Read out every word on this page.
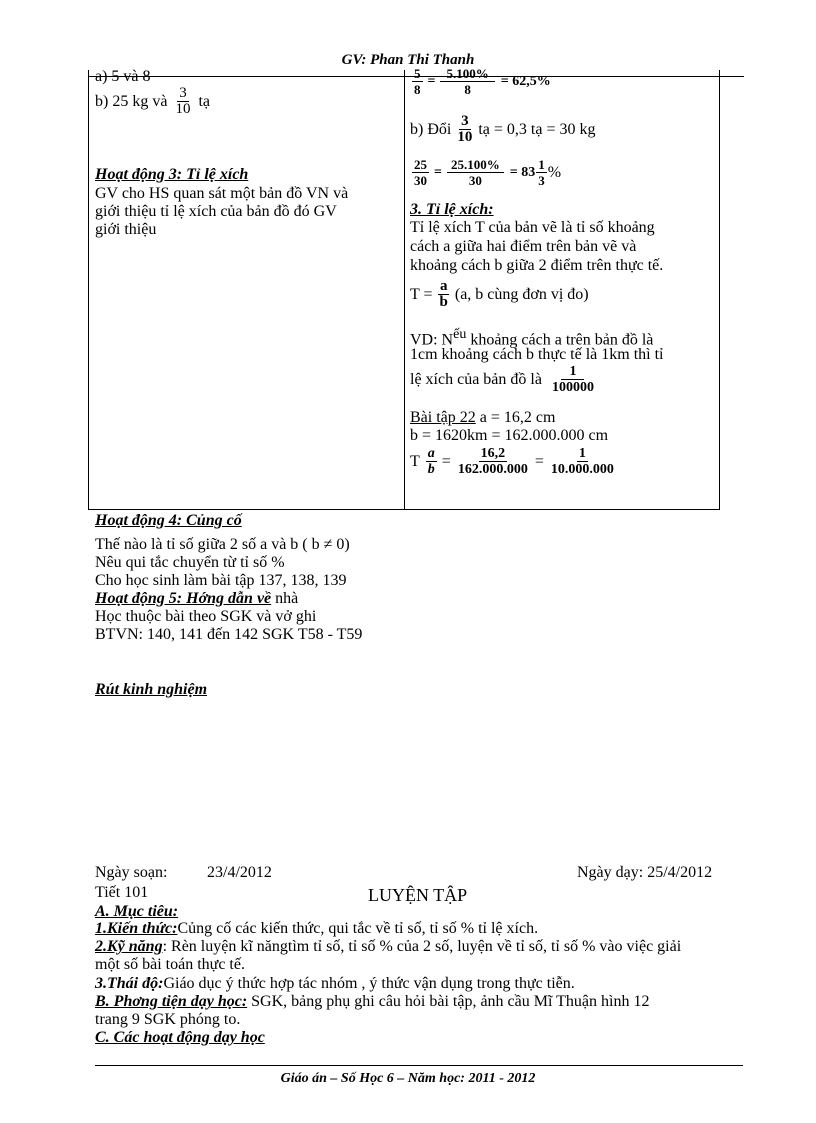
GV: Phan Thi Thanh
a) 5 và 8
b) 25 kg và $\frac{3}{10}$ tạ
Hoạt động 3: Tỉ lệ xích
GV cho HS quan sát một bản đồ VN và
giới thiệu tỉ lệ xích của bản đồ đó GV
giới thiệu
$\frac{5}{8} = \frac{5.100\%}{8} = 62,5\%$
b) Đổi $\frac{3}{10}$ tạ = 0,3 tạ = 30 kg
$\frac{25}{30} = \frac{25.100\%}{30} = 83 \frac{1}{3}$ %
3. Tỉ lệ xích:
Tỉ lệ xích T của bản vẽ là tỉ số khoảng
cách a giữa hai điểm trên bản vẽ và
khoảng cách b giữa 2 điểm trên thực tế.
$T = \frac{a}{b} (a$, b cùng đơn vị đo)
VD: $N^{ếu}$ khoảng cách a trên bản đồ là
1cm khoảng cách b thực tế là 1km thì tỉ
lệ xích của bản đồ là $\frac{1}{100000}$
Bài tập 22 a = 16,2 cm
b = 1620km = 162.000.000 cm
T $\frac{a}{b} = \frac{16,2}{162.000.000} = \frac{1}{10.000.000}$
Hoạt động 4: Củng cố
Thế nào là tỉ số giữa 2 số a và b ( b ≠ 0)
Nêu qui tắc chuyển từ tỉ số %
Cho học sinh làm bài tập 137, 138, 139
Hoạt động 5: Hớng dẫn về nhà
Học thuộc bài theo SGK và vở ghi
BTVN: 140, 141 đến 142 SGK T58 - T59
Rút kinh nghiệm
Ngày soạn: 23/4/2012	Ngày dạy: 25/4/2012
Tiết 101	LUYỆN TẬP
A. Mục tiêu:
1.Kiến thức:Củng cố các kiến thức, qui tắc về tỉ số, tỉ số % tỉ lệ xích.
2.Kỹ năng: Rèn luyện kĩ năngtìm tỉ số, tỉ số % của 2 số, luyện về tỉ số, tỉ số % vào việc giải
một số bài toán thực tế.
3.Thái độ:Giáo dục ý thức hợp tác nhóm , ý thức vận dụng trong thực tiễn.
B. Phơng tiện dạy học: SGK, bảng phụ ghi câu hỏi bài tập, ảnh cầu Mĩ Thuận hình 12
trang 9 SGK phóng to.
C. Các hoạt động dạy học
Giáo án – Số Học 6 – Năm học: 2011 - 2012
